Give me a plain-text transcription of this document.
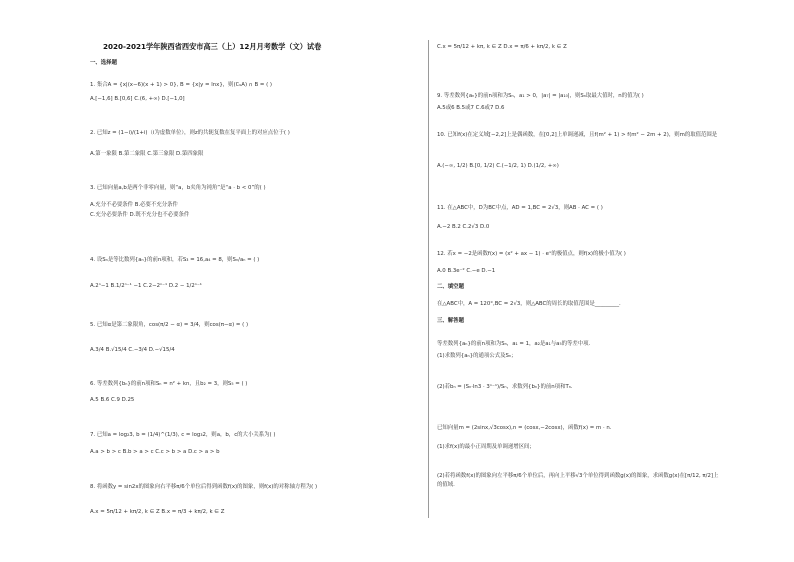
2020-2021学年陕西省西安市高三（上）12月月考数学（文）试卷
一、选择题
1. 集合A = {x|(x−6)(x + 1) > 0}, B = {x|y = lnx}，则(∁ᵤA) ∩ B = ( )
A.[−1,6] B.[0,6] C.(6, +∞) D.[−1,0]
2. 已知z = (1−i)/(1+i)（i为虚数单位），则z的共轭复数在复平面上的对应点位于( )
A.第一象限 B.第二象限 C.第三象限 D.第四象限
3. 已知向量a,b是两个非零向量，则“a，b夹角为钝角”是“a · b < 0”的( )
A.充分不必要条件 B.必要不充分条件
C.充分必要条件 D.既不充分也不必要条件
4. 设Sₙ是等比数列{aₙ}的前n项和，若S₃ = 16,a₄ = 8，则Sₙ/aₙ = ( )
A.2ⁿ−1 B.1/2ⁿ⁻¹ −1 C.2−2ⁿ⁻¹ D.2 − 1/2ⁿ⁻¹
5. 已知α是第二象限角，cos(π/2 − α) = 3/4，则cos(π−α) = ( )
A.3/4 B.√15/4 C.−3/4 D.−√15/4
6. 等差数列{bₙ}的前n项和Sₙ = n² + kn，且b₂ = 3，则S₅ = ( )
A.5 B.6 C.9 D.25
7. 已知a = log₂3, b = (1/4)^(1/3), c = log₃2，则a，b，c的大小关系为( )
A.a > b > c B.b > a > c C.c > b > a D.c > a > b
8. 将函数y = sin2x的图象向右平移π/6个单位后得到函数f(x)的图象，则f(x)的对称轴方程为( )
A.x = 5π/12 + kπ/2, k ∈ Z B.x = π/3 + kπ/2, k ∈ Z
C.x = 5π/12 + kπ, k ∈ Z D.x = π/6 + kπ/2, k ∈ Z
9. 等差数列{aₙ}的前n项和为Sₙ，a₁ > 0，|a₇| = |a₁₀|，则Sₙ取最大值时，n的值为( )
A.5或6 B.5或7 C.6或7 D.6
10. 已知f(x)在定义域[−2,2]上是偶函数，在[0,2]上单调递减，且f(m² + 1) > f(m² − 2m + 2)，则m的取值范围是
A.(−∞, 1/2) B.[0, 1/2) C.(−1/2, 1) D.(1/2, +∞)
11. 在△ABC中，D为BC中点，AD = 1,BC = 2√3，则AB · AC = ( )
A.−2 B.2 C.2√3 D.0
12. 若x = −2是函数f(x) = (x² + ax − 1) · eˣ的极值点，则f(x)的极小值为( )
A.0 B.3e⁻² C.−e D.−1
二、填空题
在△ABC中，A = 120°,BC = 2√3，则△ABC的周长的取值范围是_________.
三、解答题
等差数列{aₙ}的前n项和为Sₙ，a₁ = 1，a₂是a₁与a₅的等差中项.
(1)求数列{aₙ}的通项公式及Sₙ；
(2)若bₙ = (Sₙ·ln3 · 3ⁿ⁻¹)/Sₙ，求数列{bₙ}的前n项和Tₙ.
已知向量m = (2sinx,√3cosx),n = (cosx,−2cosx)，函数f(x) = m · n.
(1)求f(x)的最小正周期及单调递增区间；
(2)若将函数f(x)的图象向左平移π/6个单位后，再向上平移√3个单位得到函数g(x)的图象，求函数g(x)在[π/12, π/2]上
的值域.
